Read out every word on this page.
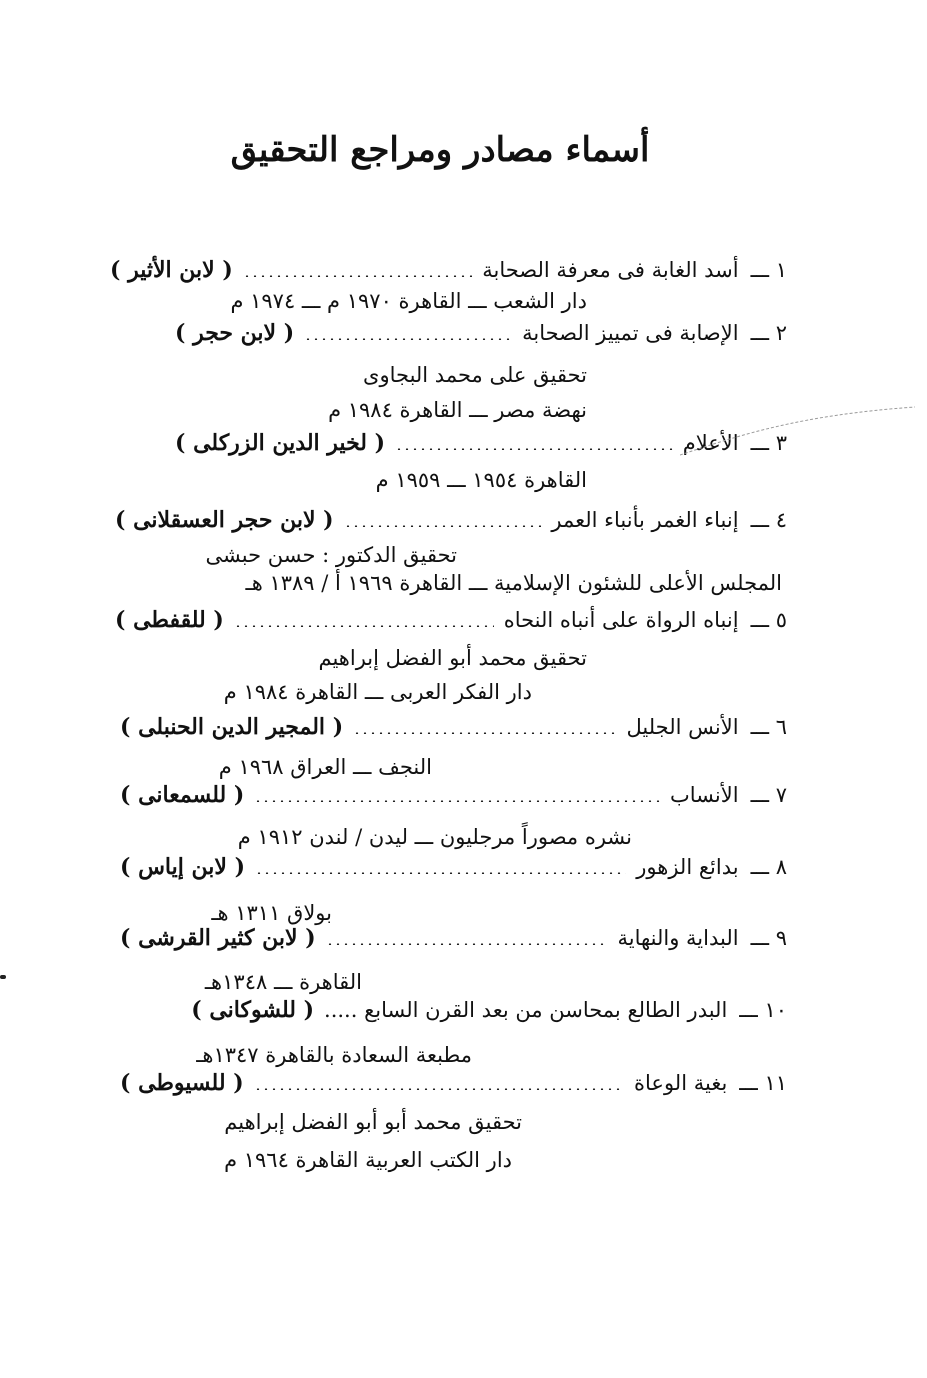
أسماء مصادر ومراجع التحقيق
١ ـــ
أسد الغابة فى معرفة الصحابة
( لابن الأثير )
دار الشعب ـــ القاهرة ١٩٧٠ م ـــ ١٩٧٤ م
٢ ـــ
الإصابة فى تمييز الصحابة
( لابن حجر )
تحقيق على محمد البجاوى
نهضة مصر ـــ القاهرة ١٩٨٤ م
٣ ـــ
الأعلام
( لخير الدين الزركلى )
القاهرة ١٩٥٤ ـــ ١٩٥٩ م
٤ ـــ
إنباء الغمر بأنباء العمر
( لابن حجر العسقلانى )
تحقيق الدكتور : حسن حبشى
المجلس الأعلى للشئون الإسلامية ـــ القاهرة ١٩٦٩ أ / ١٣٨٩ هـ
٥ ـــ
إنباه الرواة على أنباه النحاه
( للقفطى )
تحقيق محمد أبو الفضل إبراهيم
دار الفكر العربى ـــ القاهرة ١٩٨٤ م
٦ ـــ
الأنس الجليل
( المجير الدين الحنبلى )
النجف ـــ العراق ١٩٦٨ م
٧ ـــ
الأنساب
( للسمعانى )
نشره مصوراً مرجليون ـــ ليدن / لندن ١٩١٢ م
٨ ـــ
بدائع الزهور
( لابن إياس )
بولاق ١٣١١ هـ
٩ ـــ
البداية والنهاية
( لابن كثير القرشى )
القاهرة ـــ ١٣٤٨هـ
١٠ ـــ
البدر الطالع بمحاسن من بعد القرن السابع .....
( للشوكانى )
مطبعة السعادة بالقاهرة ١٣٤٧هـ
١١ ـــ
بغية الوعاة
( للسيوطى )
تحقيق محمد أبو أبو الفضل إبراهيم
دار الكتب العربية القاهرة ١٩٦٤ م
